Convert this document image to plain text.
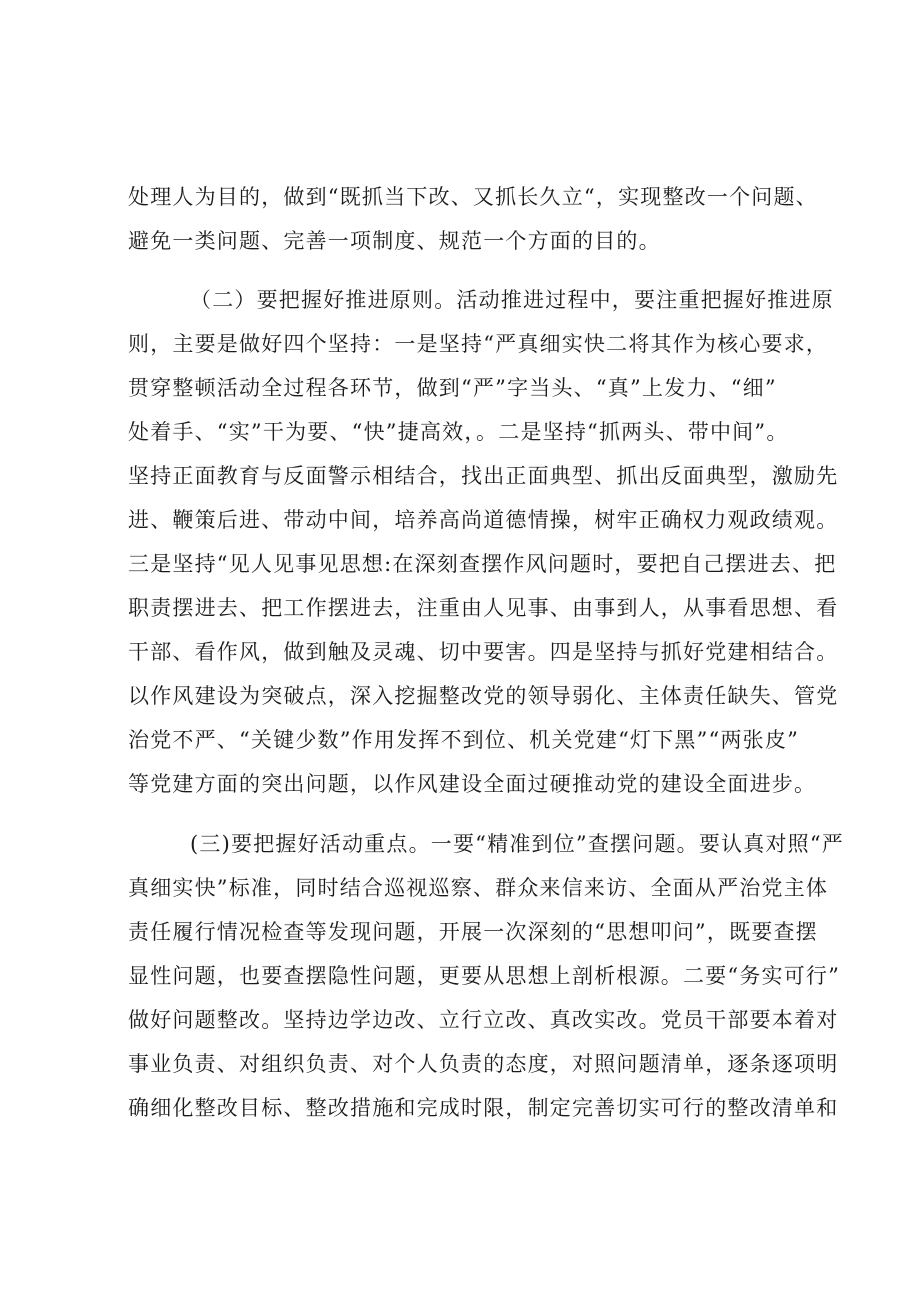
处理人为目的，做到“既抓当下改、又抓长久立“，实现整改一个问题、

避免一类问题、完善一项制度、规范一个方面的目的。

（二）要把握好推进原则。活动推进过程中，要注重把握好推进原

则，主要是做好四个坚持：一是坚持“严真细实快二将其作为核心要求，

贯穿整顿活动全过程各环节，做到“严”字当头、“真”上发力、“细”

处着手、“实”干为要、“快”捷高效，。二是坚持“抓两头、带中间”。

坚持正面教育与反面警示相结合，找出正面典型、抓出反面典型，激励先

进、鞭策后进、带动中间，培养高尚道德情操，树牢正确权力观政绩观。

三是坚持“见人见事见思想:在深刻查摆作风问题时，要把自己摆进去、把

职责摆进去、把工作摆进去，注重由人见事、由事到人，从事看思想、看

干部、看作风，做到触及灵魂、切中要害。四是坚持与抓好党建相结合。

以作风建设为突破点，深入挖掘整改党的领导弱化、主体责任缺失、管党

治党不严、“关键少数”作用发挥不到位、机关党建“灯下黑”“两张皮”

等党建方面的突出问题，以作风建设全面过硬推动党的建设全面进步。

(三)要把握好活动重点。一要“精准到位”查摆问题。要认真对照“严

真细实快”标准，同时结合巡视巡察、群众来信来访、全面从严治党主体

责任履行情况检查等发现问题，开展一次深刻的“思想叩问”，既要查摆

显性问题，也要查摆隐性问题，更要从思想上剖析根源。二要“务实可行”

做好问题整改。坚持边学边改、立行立改、真改实改。党员干部要本着对

事业负责、对组织负责、对个人负责的态度，对照问题清单，逐条逐项明

确细化整改目标、整改措施和完成时限，制定完善切实可行的整改清单和
